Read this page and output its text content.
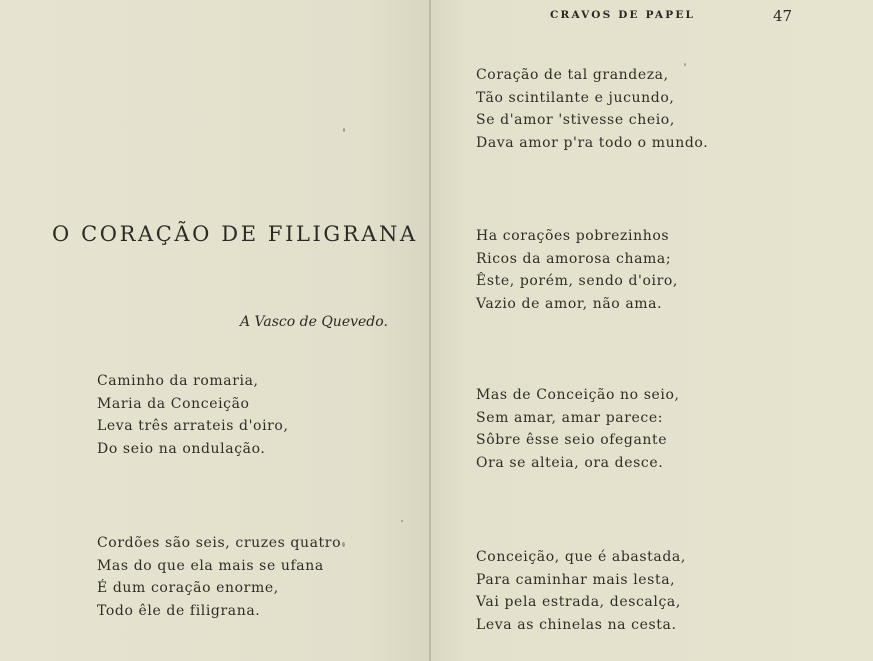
CRAVOS DE PAPEL	47
O CORAÇÃO DE FILIGRANA
A Vasco de Quevedo.
Caminho da romaria,
Maria da Conceição
Leva três arrateis d'oiro,
Do seio na ondulação.
Cordões são seis, cruzes quatro
Mas do que ela mais se ufana
É dum coração enorme,
Todo êle de filigrana.
Coração de tal grandeza,
Tão scintilante e jucundo,
Se d'amor 'stivesse cheio,
Dava amor p'ra todo o mundo.
Ha corações pobrezinhos
Ricos da amorosa chama;
Êste, porém, sendo d'oiro,
Vazio de amor, não ama.
Mas de Conceição no seio,
Sem amar, amar parece:
Sôbre êsse seio ofegante
Ora se alteia, ora desce.
Conceição, que é abastada,
Para caminhar mais lesta,
Vai pela estrada, descalça,
Leva as chinelas na cesta.
